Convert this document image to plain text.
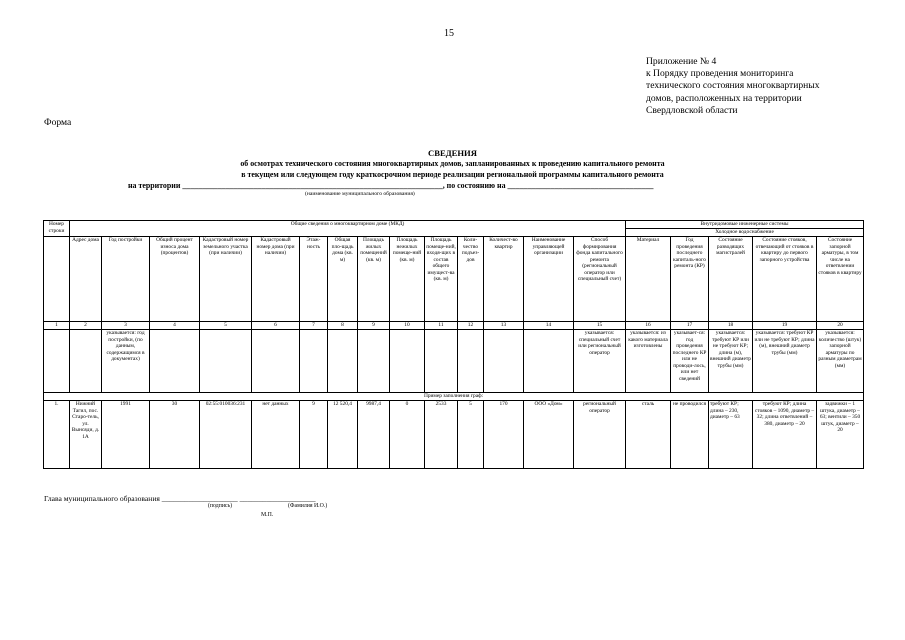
15
Приложение № 4
к Порядку проведения мониторинга
технического состояния многоквартирных
домов, расположенных на территории
Свердловской области
Форма
СВЕДЕНИЯ
об осмотрах технического состояния многоквартирных домов, запланированных к проведению капитального ремонта
в текущем или следующем году краткосрочном периоде реализации региональной программы капитального ремонта
на территории __________________________________________________________________, по состоянию на _____________________________________
(наименование муниципального образования)
Номер строки	Общие сведения о многоквартирном доме (МКД)														Внутридомовые инженерные системы				
															Холодное водоснабжение				
	Адрес дома	Год постройки	Общий процент износа дома (процентов)	Кадастровый номер земельного участка (при наличии)	Кадастровый номер дома (при наличии)	Этаж-ность	Общая пло-щадь дома (кв. м)	Площадь жилых помещений (кв. м)	Площадь нежилых помеще-ний (кв. м)	Площадь помеще-ний, входя-щих в состав общего имущест-ва (кв. м)	Коли-чество подъез-дов	Количест-во квартир	Наименование управляющей организации	Способ формирования фонда капитального ремонта (региональный оператор или специальный счет)	Материал	Год проведения последнего капиталь-ного ремонта (КР)	Состояние разводящих магистралей	Состояние стояков, отвечающий от стояков в квартиру до первого запорного устройства	Состояние запорной арматуры, в том числе на ответвлении стояков в квартиру
1	2	3	4	5	6	7	8	9	10	11	12	13	14	15	16	17	18	19	20
		указывается: год постройки, (по данным, содержащимся в документах)												указывается: специальный счет или региональный оператор	указывается: из какого материала изготовлены	указывает-ся: год проведения последнего КР или не проводи-лось, или нет сведений	указывается: требуют КР или не требуют КР; длина (м), внешний диаметр трубы (мм)	указывается: требуют КР или не требуют КР; длина (м), внешний диаметр трубы (мм)	указывается: количество (штук) запорной арматуры по разным диаметрам (мм)
Пример заполнения граф:																			
1.	Нижний Тагил, пос. Старо-тель, ул. Вынсяди, д. 1А	1991	30	02:55:010036:231	нет данных	9	12 520,4	9987,4	0	2533	5	170	ООО «Дом»	региональный оператор	сталь	не проводился	требуют КР; длина – 230, диаметр – 63	требуют КР; длина стояков – 1090, диаметр – 32; длина ответвлений – 380, диаметр – 20	задвижки – 1 штука, диаметр – 63; вентили – 350 штук, диаметр – 20
Глава муниципального образования ____________________ ____________________
(подпись)	(Фамилия И.О.)
М.П.
